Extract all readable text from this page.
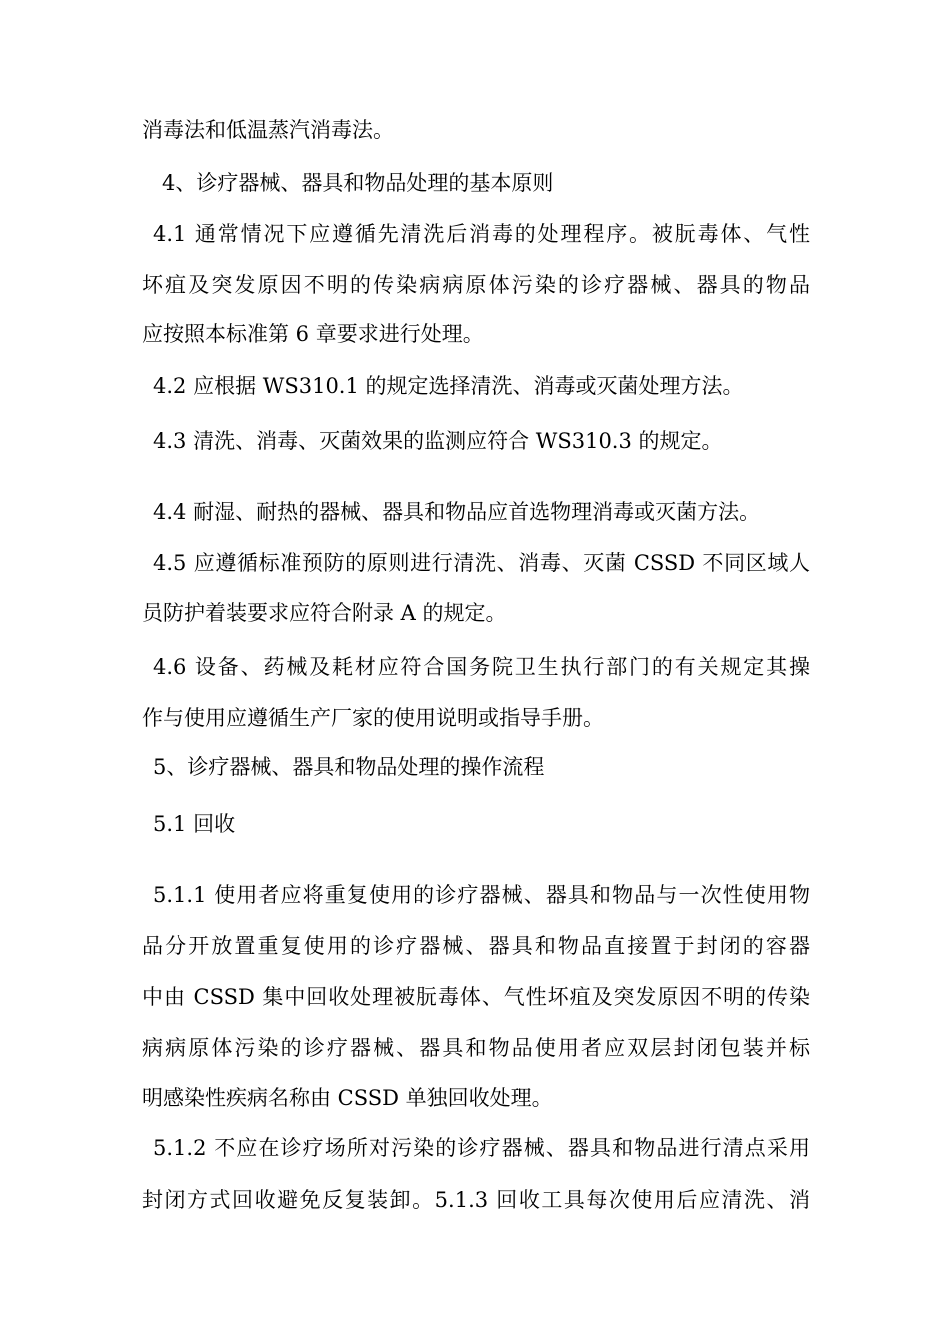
消毒法和低温蒸汽消毒法。
4、诊疗器械、器具和物品处理的基本原则
4.1 通常情况下应遵循先清洗后消毒的处理程序。被朊毒体、气性
坏疽及突发原因不明的传染病病原体污染的诊疗器械、器具的物品
应按照本标准第 6 章要求进行处理。
4.2 应根据 WS310.1 的规定选择清洗、消毒或灭菌处理方法。
4.3 清洗、消毒、灭菌效果的监测应符合 WS310.3 的规定。
4.4 耐湿、耐热的器械、器具和物品应首选物理消毒或灭菌方法。
4.5 应遵循标准预防的原则进行清洗、消毒、灭菌 CSSD 不同区域人
员防护着装要求应符合附录 A 的规定。
4.6 设备、药械及耗材应符合国务院卫生执行部门的有关规定其操
作与使用应遵循生产厂家的使用说明或指导手册。
5、诊疗器械、器具和物品处理的操作流程
5.1 回收
5.1.1 使用者应将重复使用的诊疗器械、器具和物品与一次性使用物
品分开放置重复使用的诊疗器械、器具和物品直接置于封闭的容器
中由 CSSD 集中回收处理被朊毒体、气性坏疽及突发原因不明的传染
病病原体污染的诊疗器械、器具和物品使用者应双层封闭包装并标
明感染性疾病名称由 CSSD 单独回收处理。
5.1.2 不应在诊疗场所对污染的诊疗器械、器具和物品进行清点采用
封闭方式回收避免反复装卸。5.1.3 回收工具每次使用后应清洗、消
